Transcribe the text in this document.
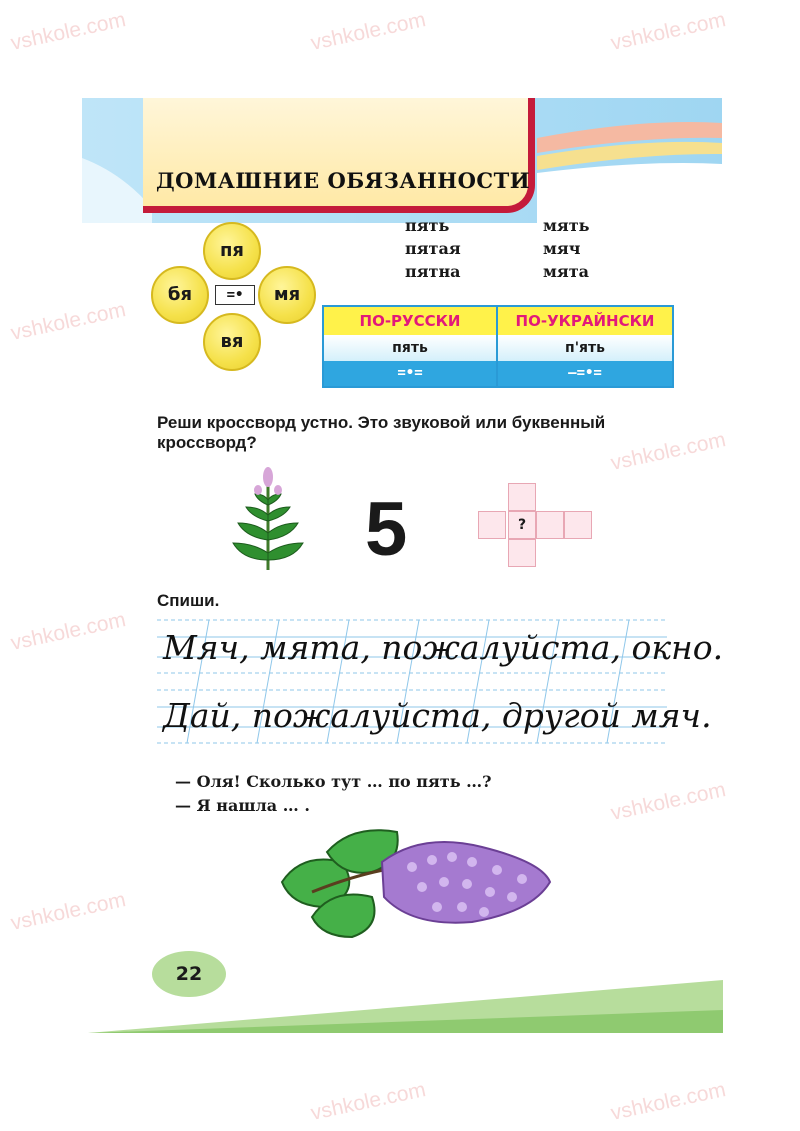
vshkole.com	vshkole.com	vshkole.com
vshkole.com
vshkole.com
vshkole.com
vshkole.com
vshkole.com
vshkole.com	vshkole.com
ДОМАШНИЕ ОБЯЗАННОСТИ
пя
бя	мя
вя
=•
пять
пятая
пятна
мять
мяч
мята
ПО-РУССКИ	ПО-УКРАЙНСКИ
пять	п'ять
=•=	–=•=
Реши кроссворд устно. Это звуковой или буквенный кроссворд?
5	?
Спиши.
Мяч, мята, пожалуйста, окно.
Дай, пожалуйста, другой мяч.
— Оля! Сколько тут … по пять …?
— Я нашла … .
22
